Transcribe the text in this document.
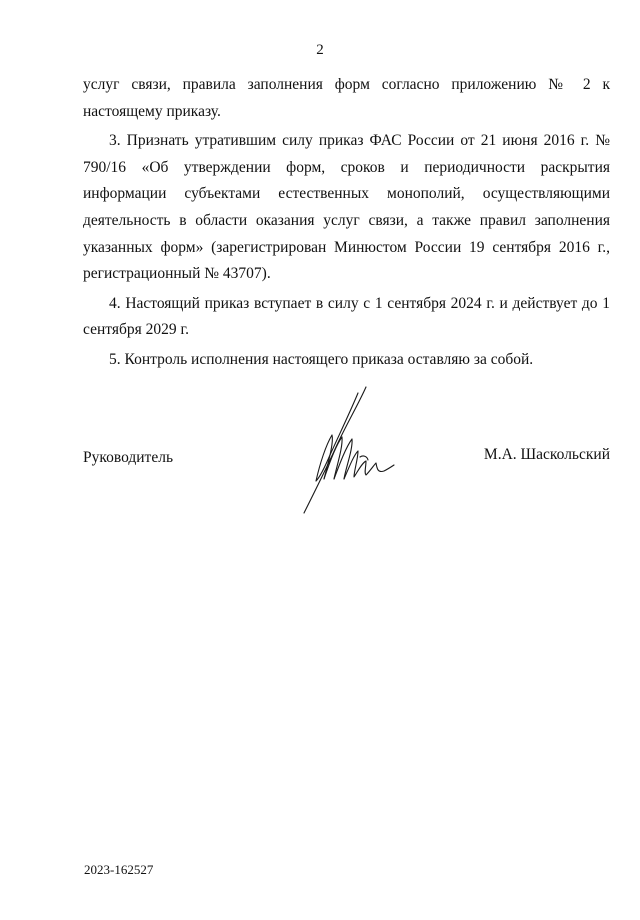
2

услуг связи, правила заполнения форм согласно приложению № 2 к настоящему приказу.

3. Признать утратившим силу приказ ФАС России от 21 июня 2016 г. № 790/16 «Об утверждении форм, сроков и периодичности раскрытия информации субъектами естественных монополий, осуществляющими деятельность в области оказания услуг связи, а также правил заполнения указанных форм» (зарегистрирован Минюстом России 19 сентября 2016 г., регистрационный № 43707).

4. Настоящий приказ вступает в силу с 1 сентября 2024 г. и действует до 1 сентября 2029 г.

5. Контроль исполнения настоящего приказа оставляю за собой.

Руководитель	М.А. Шаскольский
2023-162527
